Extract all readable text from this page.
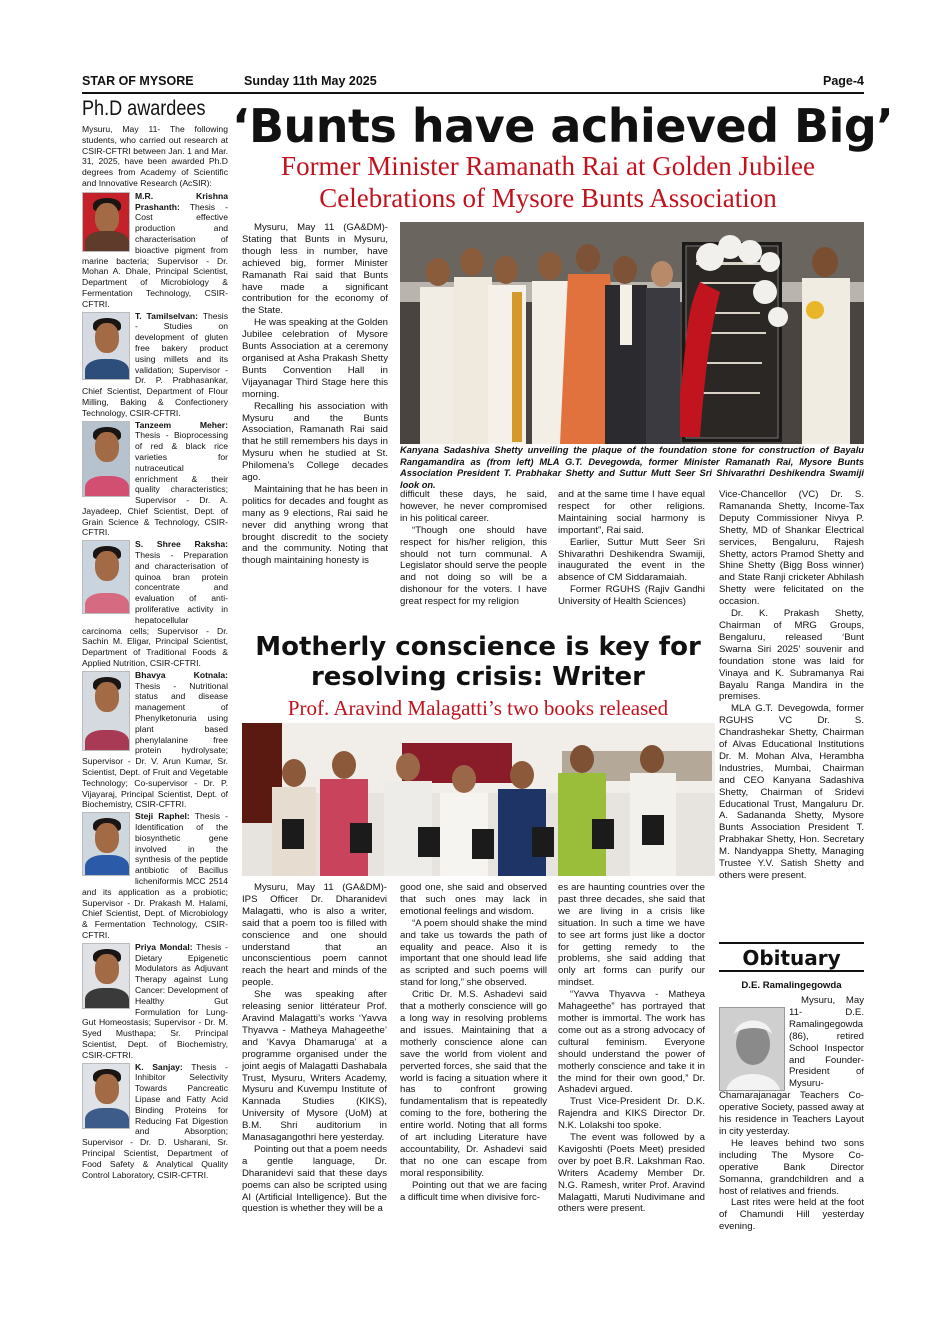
STAR OF MYSORE	Sunday 11th May 2025	Page-4
Ph.D awardees

Mysuru, May 11- The following students, who carried out research at CSIR-CFTRI between Jan. 1 and Mar. 31, 2025, have been awarded Ph.D degrees from Academy of Scientific and Innovative Research (AcSIR):

M.R. Krishna Prashanth: Thesis - Cost effective production and characterisation of bioactive pigment from marine bacteria; Supervisor - Dr. Mohan A. Dhale, Principal Scientist, Department of Microbiology & Fermentation Technology, CSIR-CFTRI.
T. Tamilselvan: Thesis - Studies on development of gluten free bakery product using millets and its validation; Supervisor - Dr. P. Prabhasankar, Chief Scientist, Department of Flour Milling, Baking & Confectionery Technology, CSIR-CFTRI.
Tanzeem Meher: Thesis - Bioprocessing of red & black rice varieties for nutraceutical enrichment & their quality characteristics; Supervisor - Dr. A. Jayadeep, Chief Scientist, Dept. of Grain Science & Technology, CSIR-CFTRI.
S. Shree Raksha: Thesis - Preparation and characterisation of quinoa bran protein concentrate and evaluation of anti-proliferative activity in hepatocellular carcinoma cells; Supervisor - Dr. Sachin M. Eligar, Principal Scientist, Department of Traditional Foods & Applied Nutrition, CSIR-CFTRI.
Bhavya Kotnala: Thesis - Nutritional status and disease management of Phenylketonuria using plant based phenylalanine free protein hydrolysate; Supervisor - Dr. V. Arun Kumar, Sr. Scientist, Dept. of Fruit and Vegetable Technology; Co-supervisor - Dr. P. Vijayaraj, Principal Scientist, Dept. of Biochemistry, CSIR-CFTRI.
Steji Raphel: Thesis - Identification of the biosynthetic gene involved in the synthesis of the peptide antibiotic of Bacillus licheniformis MCC 2514 and its application as a probiotic; Supervisor - Dr. Prakash M. Halami, Chief Scientist, Dept. of Microbiology & Fermentation Technology, CSIR-CFTRI.
Priya Mondal: Thesis - Dietary Epigenetic Modulators as Adjuvant Therapy against Lung Cancer: Development of Healthy Gut Formulation for Lung-Gut Homeostasis; Supervisor - Dr. M. Syed Musthapa; Sr. Principal Scientist, Dept. of Biochemistry, CSIR-CFTRI.
K. Sanjay: Thesis - Inhibitor Selectivity Towards Pancreatic Lipase and Fatty Acid Binding Proteins for Reducing Fat Digestion and Absorption; Supervisor - Dr. D. Usharani, Sr. Principal Scientist, Department of Food Safety & Analytical Quality Control Laboratory, CSIR-CFTRI.
‘Bunts have achieved Big’
Former Minister Ramanath Rai at Golden Jubilee Celebrations of Mysore Bunts Association

Mysuru, May 11 (GA&DM)- Stating that Bunts in Mysuru, though less in number, have achieved big, former Minister Ramanath Rai said that Bunts have made a significant contribution for the economy of the State.

He was speaking at the Golden Jubilee celebration of Mysore Bunts Association at a ceremony organised at Asha Prakash Shetty Bunts Convention Hall in Vijayanagar Third Stage here this morning.

Recalling his association with Mysuru and the Bunts Association, Ramanath Rai said that he still remembers his days in Mysuru when he studied at St. Philomena’s College decades ago.

Maintaining that he has been in politics for decades and fought as many as 9 elections, Rai said he never did anything wrong that brought discredit to the society and the community. Noting that though maintaining honesty is

Kanyana Sadashiva Shetty unveiling the plaque of the foundation stone for construction of Bayalu Rangamandira as (from left) MLA G.T. Devegowda, former Minister Ramanath Rai, Mysore Bunts Association President T. Prabhakar Shetty and Suttur Mutt Seer Sri Shivarathri Deshikendra Swamiji look on.

difficult these days, he said, however, he never compromised in his political career.

“Though one should have respect for his/her religion, this should not turn communal. A Legislator should serve the people and not doing so will be a dishonour for the voters. I have great respect for my religion

and at the same time I have equal respect for other religions. Maintaining social harmony is important”, Rai said.

Earlier, Suttur Mutt Seer Sri Shivarathri Deshikendra Swamiji, inaugurated the event in the absence of CM Siddaramaiah.

Former RGUHS (Rajiv Gandhi University of Health Sciences)

Vice-Chancellor (VC) Dr. S. Ramananda Shetty, Income-Tax Deputy Commissioner Nivya P. Shetty, MD of Shankar Electrical services, Bengaluru, Rajesh Shetty, actors Pramod Shetty and Shine Shetty (Bigg Boss winner) and State Ranji cricketer Abhilash Shetty were felicitated on the occasion.

Dr. K. Prakash Shetty, Chairman of MRG Groups, Bengaluru, released ‘Bunt Swarna Siri 2025’ souvenir and foundation stone was laid for Vinaya and K. Subramanya Rai Bayalu Ranga Mandira in the premises.

MLA G.T. Devegowda, former RGUHS VC Dr. S. Chandrashekar Shetty, Chairman of Alvas Educational Institutions Dr. M. Mohan Alva, Herambha Industries, Mumbai, Chairman and CEO Kanyana Sadashiva Shetty, Chairman of Sridevi Educational Trust, Mangaluru Dr. A. Sadananda Shetty, Mysore Bunts Association President T. Prabhakar Shetty, Hon. Secretary M. Nandyappa Shetty, Managing Trustee Y.V. Satish Shetty and others were present.

Motherly conscience is key for resolving crisis: Writer
Prof. Aravind Malagatti’s two books released

Mysuru, May 11 (GA&DM)- IPS Officer Dr. Dharanidevi Malagatti, who is also a writer, said that a poem too is filled with conscience and one should understand that an unconscientious poem cannot reach the heart and minds of the people.

She was speaking after releasing senior littérateur Prof. Aravind Malagatti’s works ‘Yavva Thyavva - Matheya Mahageethe’ and ‘Kavya Dhamaruga’ at a programme organised under the joint aegis of Malagatti Dashabala Trust, Mysuru, Writers Academy, Mysuru and Kuvempu Institute of Kannada Studies (KIKS), University of Mysore (UoM) at B.M. Shri auditorium in Manasagangothri here yesterday.

Pointing out that a poem needs a gentle language, Dr. Dharanidevi said that these days poems can also be scripted using AI (Artificial Intelligence). But the question is whether they will be a

good one, she said and observed that such ones may lack in emotional feelings and wisdom.

“A poem should shake the mind and take us towards the path of equality and peace. Also it is important that one should lead life as scripted and such poems will stand for long,” she observed.

Critic Dr. M.S. Ashadevi said that a motherly conscience will go a long way in resolving problems and issues. Maintaining that a motherly conscience alone can save the world from violent and perverted forces, she said that the world is facing a situation where it has to confront growing fundamentalism that is repeatedly coming to the fore, bothering the entire world. Noting that all forms of art including Literature have accountability, Dr. Ashadevi said that no one can escape from moral responsibility.

Pointing out that we are facing a difficult time when divisive forc-

es are haunting countries over the past three decades, she said that we are living in a crisis like situation. In such a time we have to see art forms just like a doctor for getting remedy to the problems, she said adding that only art forms can purify our mindset.

“Yavva Thyavva - Matheya Mahageethe” has portrayed that mother is immortal. The work has come out as a strong advocacy of cultural feminism. Everyone should understand the power of motherly conscience and take it in the mind for their own good,” Dr. Ashadevi argued.

Trust Vice-President Dr. D.K. Rajendra and KIKS Director Dr. N.K. Lolakshi too spoke.

The event was followed by a Kavigoshti (Poets Meet) presided over by poet B.R. Lakshman Rao. Writers Academy Member Dr. N.G. Ramesh, writer Prof. Aravind Malagatti, Maruti Nudivimane and others were present.

Obituary
D.E. Ramalingegowda

Mysuru, May 11- D.E. Ramalingegowda (86), retired School Inspector and Founder-President of Mysuru-Chamarajanagar Teachers Co-operative Society, passed away at his residence in Teachers Layout in city yesterday.

He leaves behind two sons including The Mysore Co-operative Bank Director Somanna, grandchildren and a host of relatives and friends.

Last rites were held at the foot of Chamundi Hill yesterday evening.
